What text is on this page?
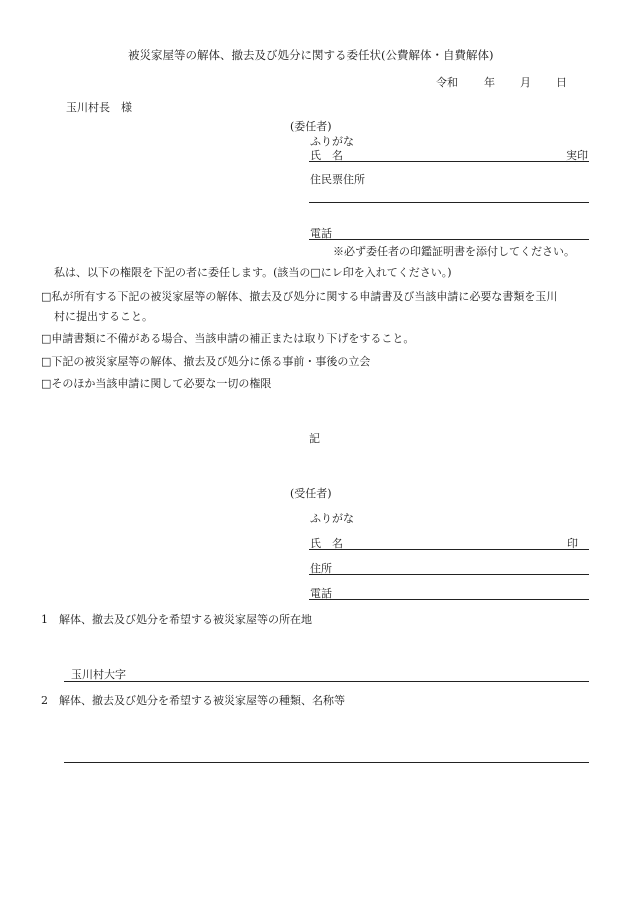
被災家屋等の解体、撤去及び処分に関する委任状(公費解体・自費解体)
令和 年 月 日
玉川村長　様
(委任者)
ふりがな
氏　名	実印
住民票住所
電話
※必ず委任者の印鑑証明書を添付してください。
私は、以下の権限を下記の者に委任します。(該当の□にレ印を入れてください。)
□私が所有する下記の被災家屋等の解体、撤去及び処分に関する申請書及び当該申請に必要な書類を玉川
村に提出すること。
□申請書類に不備がある場合、当該申請の補正または取り下げをすること。
□下記の被災家屋等の解体、撤去及び処分に係る事前・事後の立会
□そのほか当該申請に関して必要な一切の権限
記
(受任者)
ふりがな
氏　名	印
住所
電話
1　解体、撤去及び処分を希望する被災家屋等の所在地
玉川村大字
2　解体、撤去及び処分を希望する被災家屋等の種類、名称等
